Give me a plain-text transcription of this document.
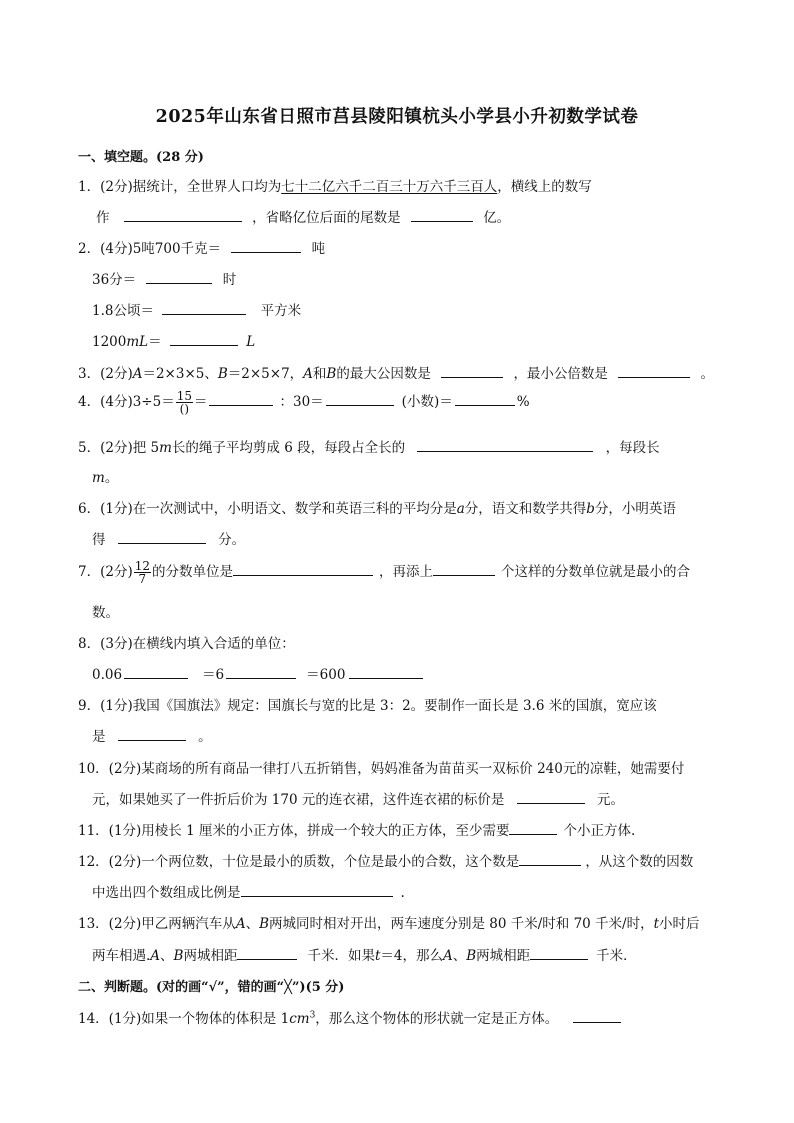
2025年山东省日照市莒县陵阳镇杭头小学县小升初数学试卷
一、填空题。(28 分)
1．(2分)据统计，全世界人口均为七十二亿六千二百三十万六千三百人，横线上的数写
作	，省略亿位后面的尾数是	亿。
2．(4分)5吨700千克＝	吨
36分＝	时
1.8公顷＝	平方米
1200mL＝	L
3．(2分)A＝2×3×5、B＝2×5×7，A和B的最大公因数是	，最小公倍数是	。
4．(4分)$3\div 5= \frac{15}{()}$ ＝	：30＝	(小数)＝	%
5．(2分)把 5m长的绳子平均剪成 6 段，每段占全长的	，每段长
m。
6．(1分)在一次测试中，小明语文、数学和英语三科的平均分是a分，语文和数学共得b分，小明英语
得	分。
7．(2分) $\frac{12}{7}$ 的分数单位是	，再添上	个这样的分数单位就是最小的合
数。
8．(3分)在横线内填入合适的单位：
0.06	＝6	＝600
9．(1分)我国《国旗法》规定：国旗长与宽的比是 3：2。要制作一面长是 3.6 米的国旗，宽应该
是	。
10．(2分)某商场的所有商品一律打八五折销售，妈妈准备为苗苗买一双标价 240元的凉鞋，她需要付
元，如果她买了一件折后价为 170 元的连衣裙，这件连衣裙的标价是	元。
11．(1分)用棱长 1 厘米的小正方体，拼成一个较大的正方体，至少需要	个小正方体.
12．(2分)一个两位数，十位是最小的质数，个位是最小的合数，这个数是	，从这个数的因数
中选出四个数组成比例是	.
13．(2分)甲乙两辆汽车从A、B两城同时相对开出，两车速度分别是 80 千米/时和 70 千米/时，t小时后
两车相遇.A、B两城相距	千米．如果t＝4，那么A、B两城相距	千米．
二、判断题。(对的画“√”，错的画“╳”)(5 分)
14．(1分)如果一个物体的体积是 $1cm^3$，那么这个物体的形状就一定是正方体。
